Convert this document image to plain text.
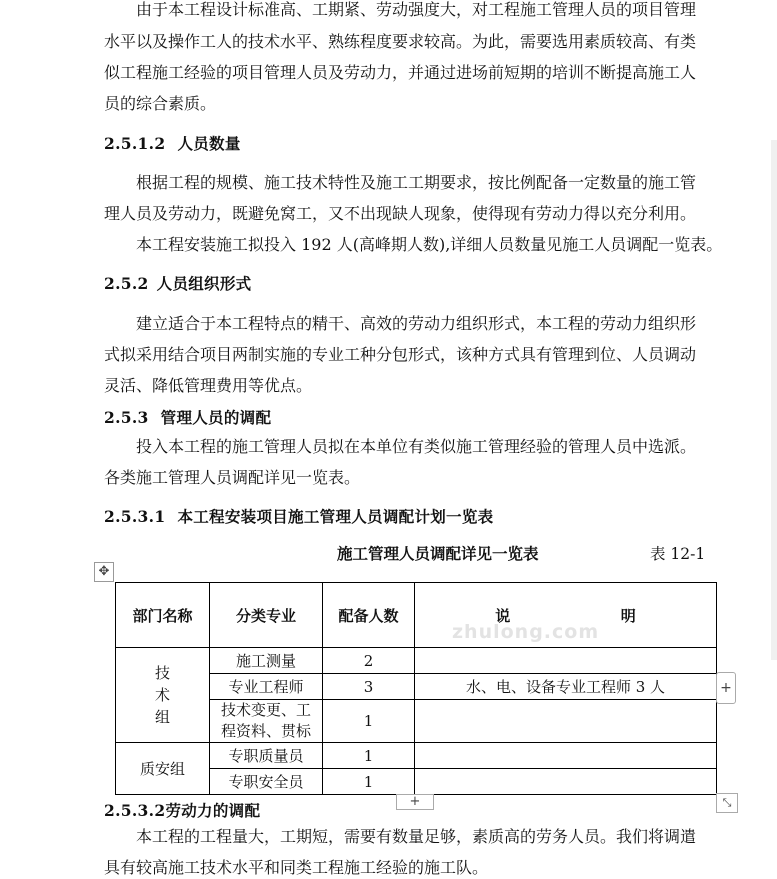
由于本工程设计标准高、工期紧、劳动强度大，对工程施工管理人员的项目管理
水平以及操作工人的技术水平、熟练程度要求较高。为此，需要选用素质较高、有类
似工程施工经验的项目管理人员及劳动力，并通过进场前短期的培训不断提高施工人
员的综合素质。
2.5.1.2 人员数量
根据工程的规模、施工技术特性及施工工期要求，按比例配备一定数量的施工管
理人员及劳动力，既避免窝工，又不出现缺人现象，使得现有劳动力得以充分利用。
本工程安装施工拟投入 192 人(高峰期人数),详细人员数量见施工人员调配一览表。
2.5.2 人员组织形式
建立适合于本工程特点的精干、高效的劳动力组织形式，本工程的劳动力组织形
式拟采用结合项目两制实施的专业工种分包形式，该种方式具有管理到位、人员调动
灵活、降低管理费用等优点。
2.5.3 管理人员的调配
投入本工程的施工管理人员拟在本单位有类似施工管理经验的管理人员中选派。
各类施工管理人员调配详见一览表。
2.5.3.1 本工程安装项目施工管理人员调配计划一览表
施工管理人员调配详见一览表	表 12-1
✥
部门名称	分类专业	配备人数	说 明
技术组	施工测量	2	
	专业工程师	3	水、电、设备专业工程师 3 人
	技术变更、工程资料、贯标	1	
质安组	专职质量员	1	
	专职安全员	1	
zhulong.com
+
+	⤡
2.5.3.2劳动力的调配
本工程的工程量大，工期短，需要有数量足够，素质高的劳务人员。我们将调遣
具有较高施工技术水平和同类工程施工经验的施工队。
